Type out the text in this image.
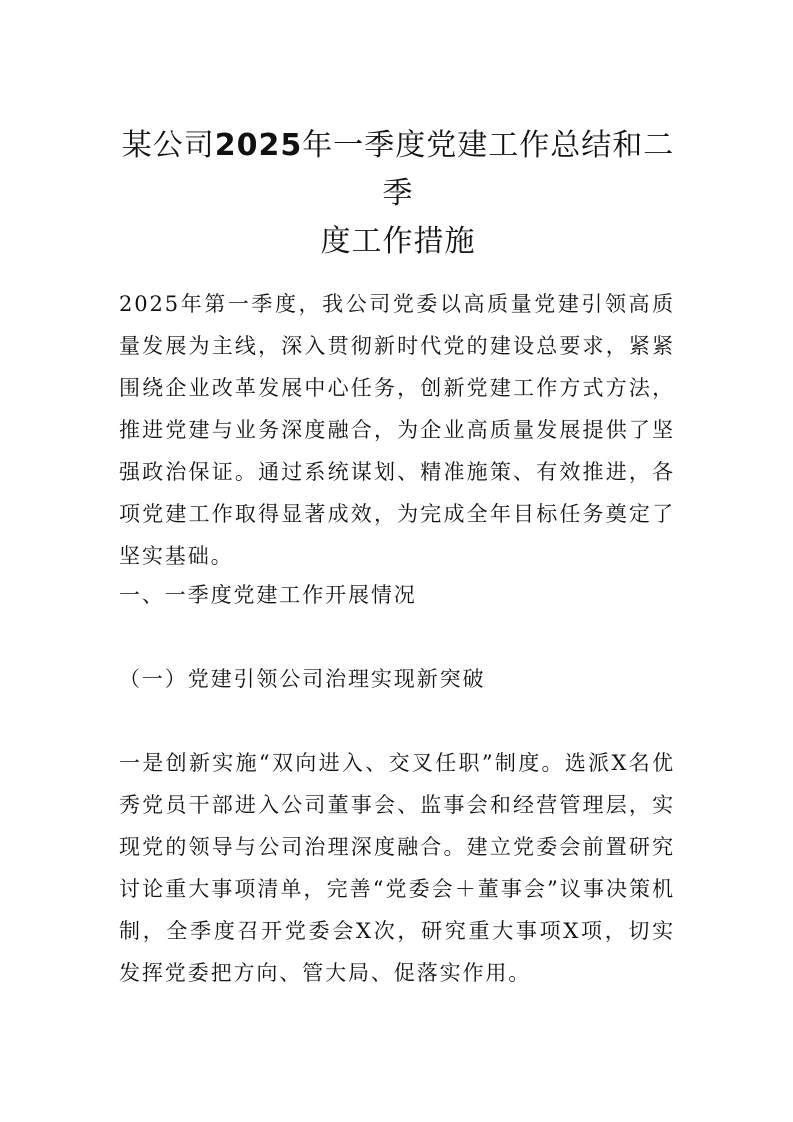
某公司2025年一季度党建工作总结和二季
度工作措施

2025年第一季度，我公司党委以高质量党建引领高质量发展为主线，深入贯彻新时代党的建设总要求，紧紧围绕企业改革发展中心任务，创新党建工作方式方法，推进党建与业务深度融合，为企业高质量发展提供了坚强政治保证。通过系统谋划、精准施策、有效推进，各项党建工作取得显著成效，为完成全年目标任务奠定了坚实基础。

一、一季度党建工作开展情况

（一）党建引领公司治理实现新突破

一是创新实施“双向进入、交叉任职”制度。选派X名优秀党员干部进入公司董事会、监事会和经营管理层，实现党的领导与公司治理深度融合。建立党委会前置研究讨论重大事项清单，完善“党委会＋董事会”议事决策机制，全季度召开党委会X次，研究重大事项X项，切实发挥党委把方向、管大局、促落实作用。
